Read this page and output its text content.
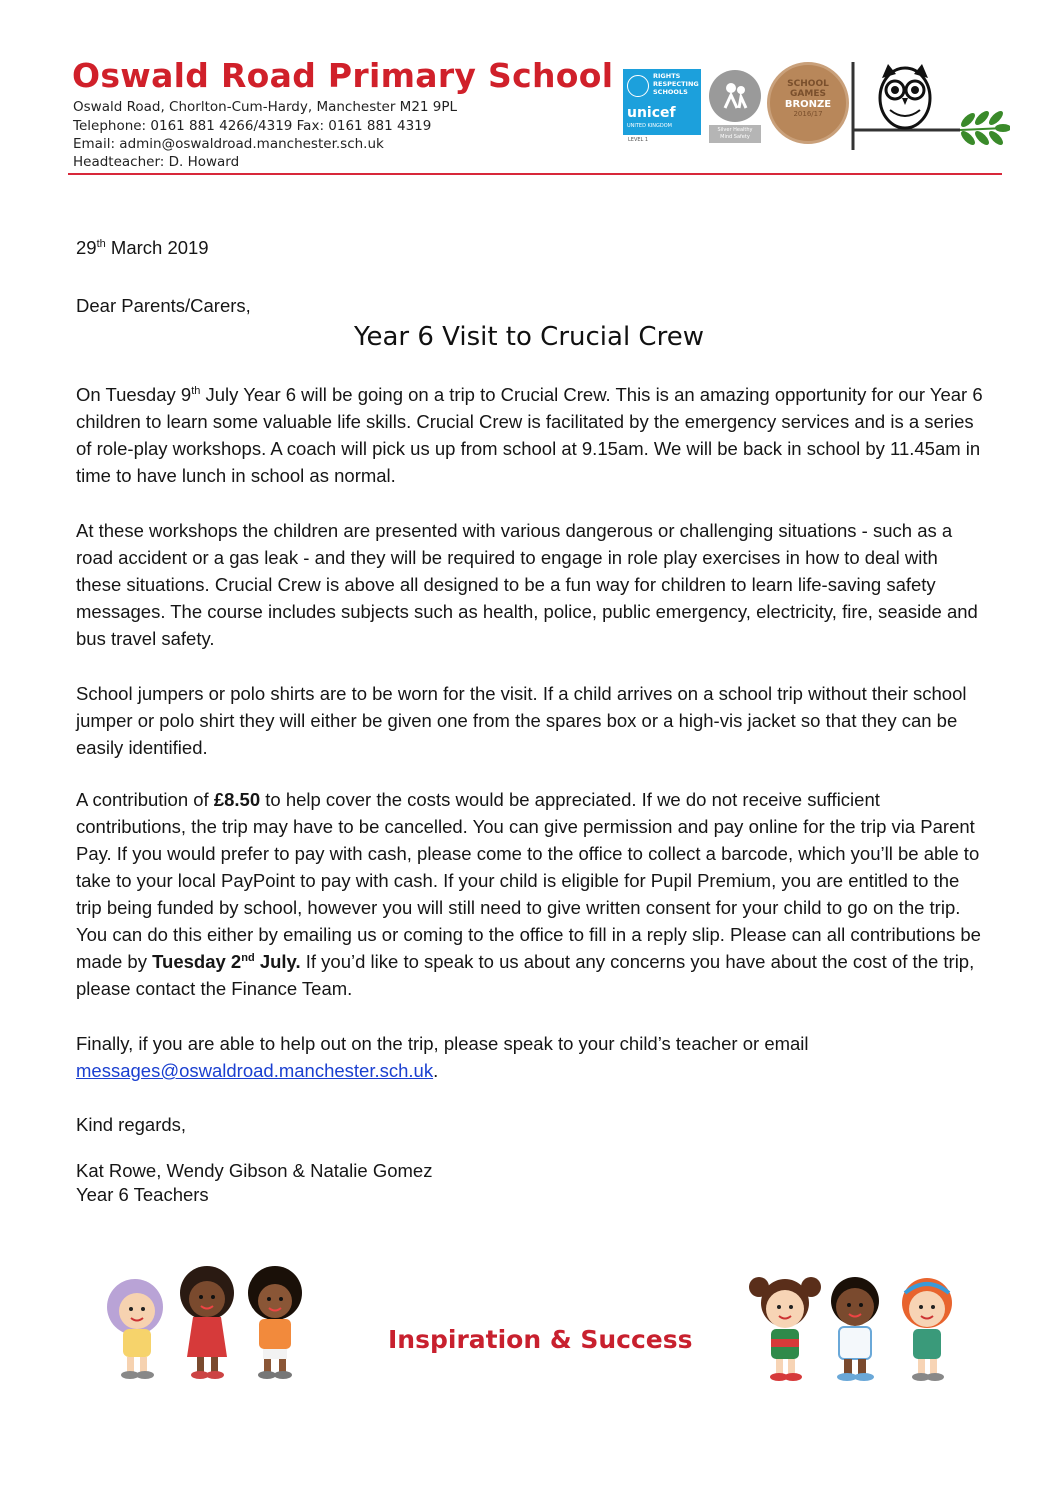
Oswald Road Primary School
Oswald Road, Chorlton-Cum-Hardy, Manchester M21 9PL
Telephone: 0161 881 4266/4319 Fax: 0161 881 4319
Email: admin@oswaldroad.manchester.sch.uk
Headteacher: D. Howard
RIGHTS
RESPECTING
SCHOOLS
unicef
UNITED KINGDOM
LEVEL 1
Silver Healthy
Mind Safety
SCHOOL
GAMES
BRONZE
2016/17
29th March 2019
Dear Parents/Carers,
Year 6 Visit to Crucial Crew
On Tuesday 9th July Year 6 will be going on a trip to Crucial Crew. This is an amazing opportunity for our Year 6 children to learn some valuable life skills. Crucial Crew is facilitated by the emergency services and is a series of role-play workshops. A coach will pick us up from school at 9.15am. We will be back in school by 11.45am in time to have lunch in school as normal.
At these workshops the children are presented with various dangerous or challenging situations - such as a road accident or a gas leak - and they will be required to engage in role play exercises in how to deal with these situations. Crucial Crew is above all designed to be a fun way for children to learn life-saving safety messages. The course includes subjects such as health, police, public emergency, electricity, fire, seaside and bus travel safety.
School jumpers or polo shirts are to be worn for the visit. If a child arrives on a school trip without their school jumper or polo shirt they will either be given one from the spares box or a high-vis jacket so that they can be easily identified.
A contribution of £8.50 to help cover the costs would be appreciated. If we do not receive sufficient contributions, the trip may have to be cancelled. You can give permission and pay online for the trip via Parent Pay. If you would prefer to pay with cash, please come to the office to collect a barcode, which you’ll be able to take to your local PayPoint to pay with cash. If your child is eligible for Pupil Premium, you are entitled to the trip being funded by school, however you will still need to give written consent for your child to go on the trip. You can do this either by emailing us or coming to the office to fill in a reply slip. Please can all contributions be made by Tuesday 2nd July. If you’d like to speak to us about any concerns you have about the cost of the trip, please contact the Finance Team.
Finally, if you are able to help out on the trip, please speak to your child’s teacher or email messages@oswaldroad.manchester.sch.uk.
Kind regards,
Kat Rowe, Wendy Gibson & Natalie Gomez
Year 6 Teachers
Inspiration & Success
